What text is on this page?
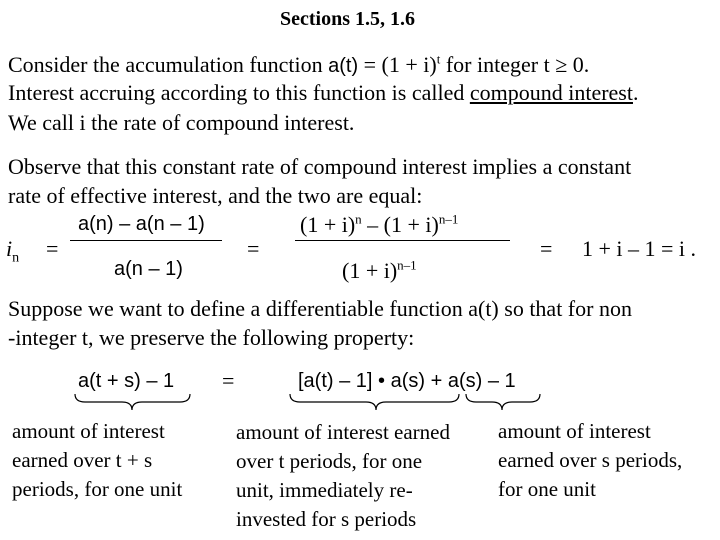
Sections 1.5, 1.6
Consider the accumulation function $a(t) = (1 + i)^t$ for integer t ≥ 0.
Interest accruing according to this function is called compound interest.
We call i the rate of compound interest.
Observe that this constant rate of compound interest implies a constant
rate of effective interest, and the two are equal:
$i_n$ =
a(n) – a(n – 1)
a(n – 1)
=
$(1 + i)^n - (1 + i)^{n-1}$
$(1 + i)^{n-1}$
= 1 + i – 1 = i .
Suppose we want to define a differentiable function a(t) so that for non
-integer t, we preserve the following property:
a(t + s) – 1 =	[a(t) – 1] • a(s) + a(s) – 1
amount of interest
earned over t + s
periods, for one unit
amount of interest earned
over t periods, for one
unit, immediately re-
invested for s periods
amount of interest
earned over s periods,
for one unit
